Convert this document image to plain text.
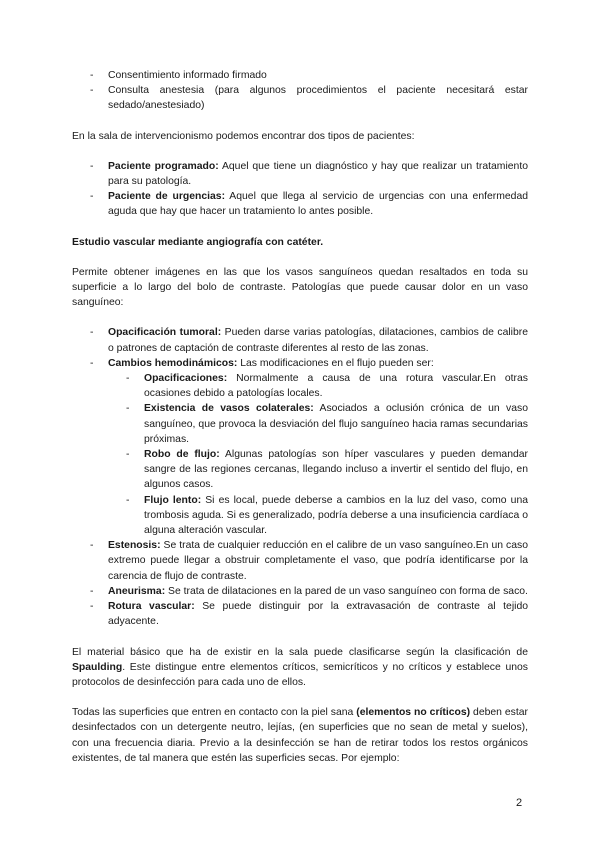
- Consentimiento informado firmado
- Consulta anestesia (para algunos procedimientos el paciente necesitará estar sedado/anestesiado)

En la sala de intervencionismo podemos encontrar dos tipos de pacientes:

- Paciente programado: Aquel que tiene un diagnóstico y hay que realizar un tratamiento para su patología.
- Paciente de urgencias: Aquel que llega al servicio de urgencias con una enfermedad aguda que hay que hacer un tratamiento lo antes posible.

Estudio vascular mediante angiografía con catéter.

Permite obtener imágenes en las que los vasos sanguíneos quedan resaltados en toda su superficie a lo largo del bolo de contraste. Patologías que puede causar dolor en un vaso sanguíneo:

- Opacificación tumoral: Pueden darse varias patologías, dilataciones, cambios de calibre o patrones de captación de contraste diferentes al resto de las zonas.
- Cambios hemodinámicos: Las modificaciones en el flujo pueden ser:
- Opacificaciones: Normalmente a causa de una rotura vascular.En otras ocasiones debido a patologías locales.
- Existencia de vasos colaterales: Asociados a oclusión crónica de un vaso sanguíneo, que provoca la desviación del flujo sanguíneo hacia ramas secundarias próximas.
- Robo de flujo: Algunas patologías son híper vasculares y pueden demandar sangre de las regiones cercanas, llegando incluso a invertir el sentido del flujo, en algunos casos.
- Flujo lento: Si es local, puede deberse a cambios en la luz del vaso, como una trombosis aguda. Si es generalizado, podría deberse a una insuficiencia cardíaca o alguna alteración vascular.
- Estenosis: Se trata de cualquier reducción en el calibre de un vaso sanguíneo.En un caso extremo puede llegar a obstruir completamente el vaso, que podría identificarse por la carencia de flujo de contraste.
- Aneurisma: Se trata de dilataciones en la pared de un vaso sanguíneo con forma de saco.
- Rotura vascular: Se puede distinguir por la extravasación de contraste al tejido adyacente.

El material básico que ha de existir en la sala puede clasificarse según la clasificación de Spaulding. Este distingue entre elementos críticos, semicríticos y no críticos y establece unos protocolos de desinfección para cada uno de ellos.

Todas las superficies que entren en contacto con la piel sana (elementos no críticos) deben estar desinfectados con un detergente neutro, lejías, (en superficies que no sean de metal y suelos), con una frecuencia diaria. Previo a la desinfección se han de retirar todos los restos orgánicos existentes, de tal manera que estén las superficies secas. Por ejemplo:

2
